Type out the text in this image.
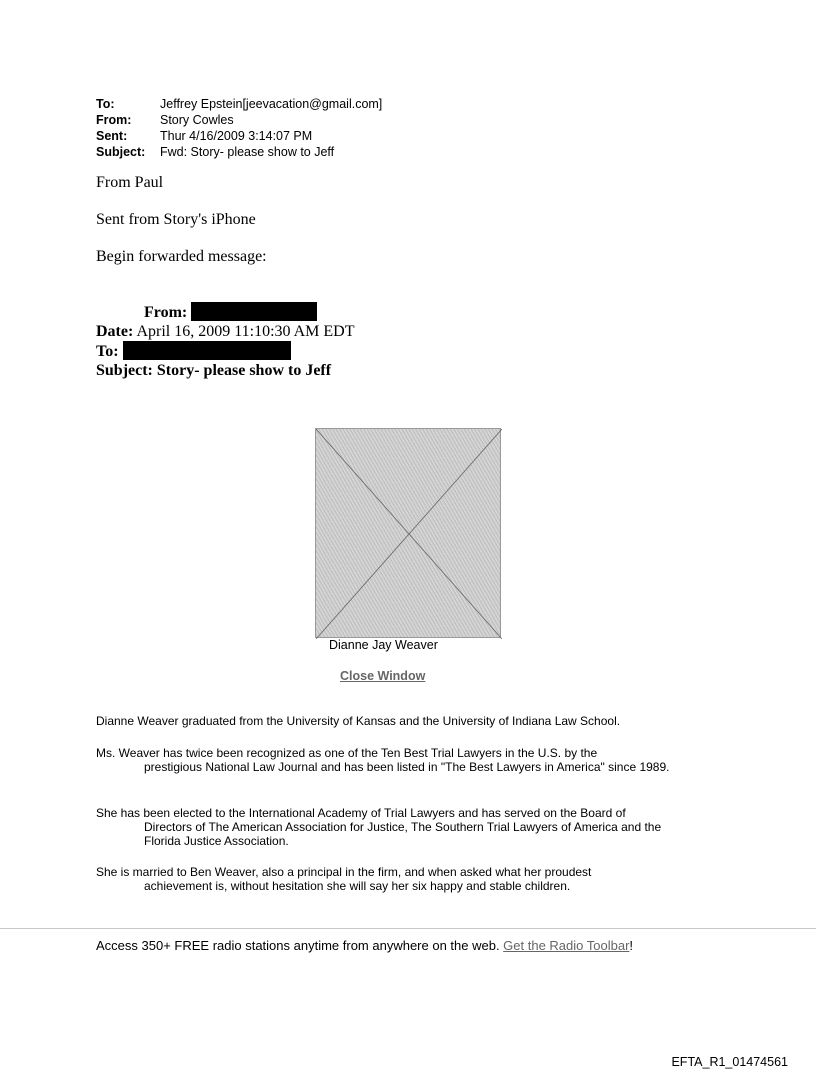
To:	Jeffrey Epstein[jeevacation@gmail.com]
From:	Story Cowles
Sent:	Thur 4/16/2009 3:14:07 PM
Subject:	Fwd: Story- please show to Jeff
From Paul
Sent from Story's iPhone
Begin forwarded message:
From:
Date: April 16, 2009 11:10:30 AM EDT
To:
Subject: Story- please show to Jeff
Dianne Jay Weaver
Close Window
Dianne Weaver graduated from the University of Kansas and the University of Indiana Law School.
Ms. Weaver has twice been recognized as one of the Ten Best Trial Lawyers in the U.S. by the
prestigious National Law Journal and has been listed in "The Best Lawyers in America" since 1989.
She has been elected to the International Academy of Trial Lawyers and has served on the Board of
Directors of The American Association for Justice, The Southern Trial Lawyers of America and the Florida Justice Association.
She is married to Ben Weaver, also a principal in the firm, and when asked what her proudest
achievement is, without hesitation she will say her six happy and stable children.
Access 350+ FREE radio stations anytime from anywhere on the web. Get the Radio Toolbar!
EFTA_R1_01474561
